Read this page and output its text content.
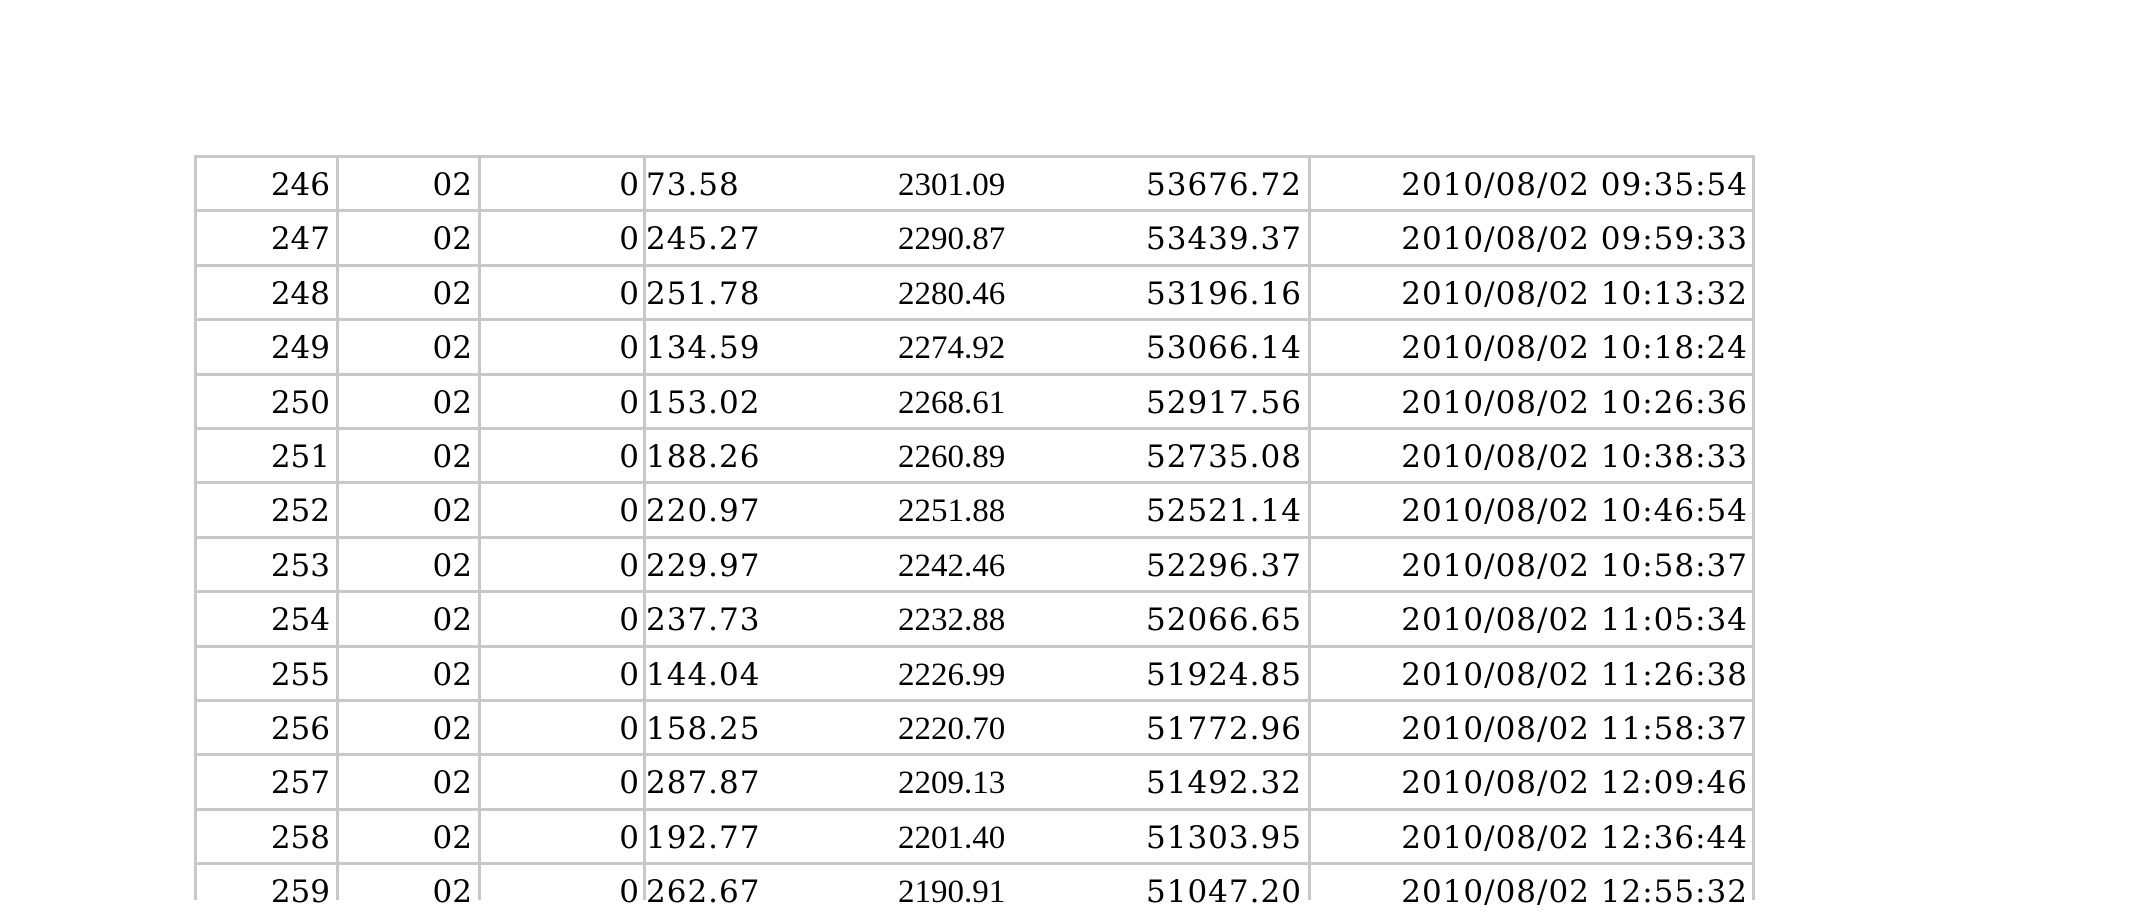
246	02	0 73.58	2301.09	53676.72	2010/08/02 09:35:54
247	02	0 245.27	2290.87	53439.37	2010/08/02 09:59:33
248	02	0 251.78	2280.46	53196.16	2010/08/02 10:13:32
249	02	0 134.59	2274.92	53066.14	2010/08/02 10:18:24
250	02	0 153.02	2268.61	52917.56	2010/08/02 10:26:36
251	02	0 188.26	2260.89	52735.08	2010/08/02 10:38:33
252	02	0 220.97	2251.88	52521.14	2010/08/02 10:46:54
253	02	0 229.97	2242.46	52296.37	2010/08/02 10:58:37
254	02	0 237.73	2232.88	52066.65	2010/08/02 11:05:34
255	02	0 144.04	2226.99	51924.85	2010/08/02 11:26:38
256	02	0 158.25	2220.70	51772.96	2010/08/02 11:58:37
257	02	0 287.87	2209.13	51492.32	2010/08/02 12:09:46
258	02	0 192.77	2201.40	51303.95	2010/08/02 12:36:44
259	02	0 262.67	2190.91	51047.20	2010/08/02 12:55:32
